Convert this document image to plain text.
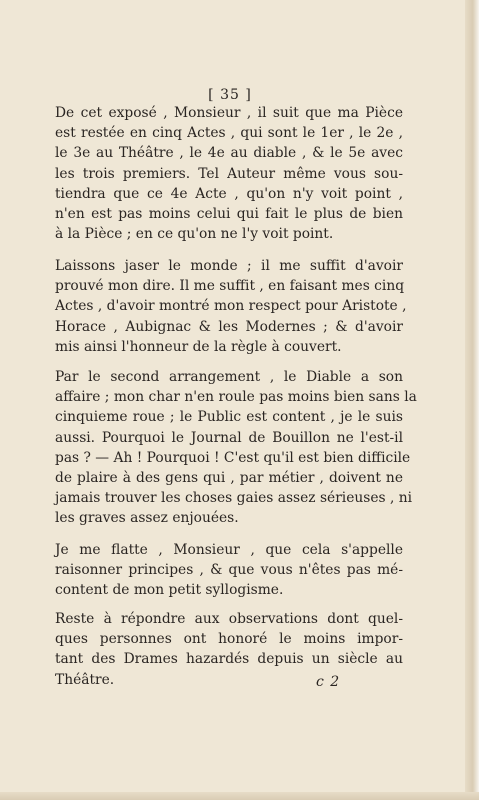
[ 35 ]
De cet exposé , Monsieur , il suit que ma Pièce
est restée en cinq Actes , qui sont le 1er , le 2e ,
le 3e au Théâtre , le 4e au diable , & le 5e avec
les trois premiers. Tel Auteur même vous sou-
tiendra que ce 4e Acte , qu'on n'y voit point ,
n'en est pas moins celui qui fait le plus de bien
à la Pièce ; en ce qu'on ne l'y voit point.
Laissons jaser le monde ; il me suffit d'avoir
prouvé mon dire. Il me suffit , en faisant mes cinq
Actes , d'avoir montré mon respect pour Aristote ,
Horace , Aubignac & les Modernes ; & d'avoir
mis ainsi l'honneur de la règle à couvert.
Par le second arrangement , le Diable a son
affaire ; mon char n'en roule pas moins bien sans la
cinquieme roue ; le Public est content , je le suis
aussi. Pourquoi le Journal de Bouillon ne l'est-il
pas ? — Ah ! Pourquoi ! C'est qu'il est bien difficile
de plaire à des gens qui , par métier , doivent ne
jamais trouver les choses gaies assez sérieuses , ni
les graves assez enjouées.
Je me flatte , Monsieur , que cela s'appelle
raisonner principes , & que vous n'êtes pas mé-
content de mon petit syllogisme.
Reste à répondre aux observations dont quel-
ques personnes ont honoré le moins impor-
tant des Drames hazardés depuis un siècle au
Théâtre.	c 2
